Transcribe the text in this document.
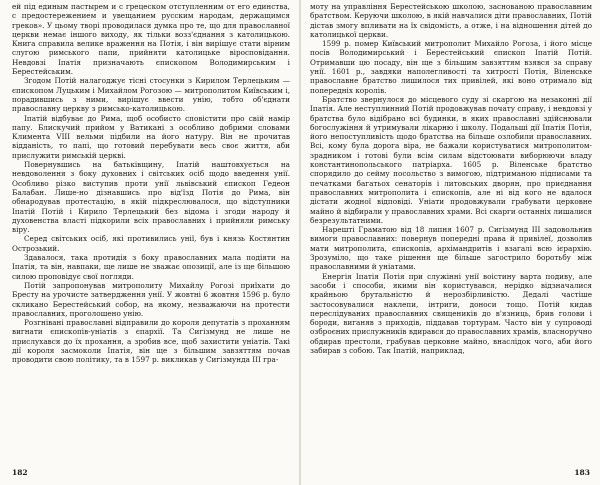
ей під единым пастырем и с грецеском отступленним от его единства, с предостережением и увещанием русским народам, держащимся греков». У цьому творі проводилася думка про те, що для православної церкви немає іншого виходу, як тільки возз'єднання з католицькою. Книга справила велике враження на Потія, і він вирішує стати вірним слугою римського папи, прийняти католицьке віросповідання. Невдовзі Іпатія призначають єпископом Володимирським і Берестейським.

Згодом Потій налагоджує тісні стосунки з Кирилом Терлецьким — єпископом Луцьким і Михайлом Рогозою — митрополитом Київським і, порадившись з ними, вирішує ввести унію, тобто об'єднати православну церкву з римсько-католицькою.

Іпатій відбуває до Рима, щоб особисто сповістити про свій намір папу. Блискучий прийом у Ватикані з особливо добрими словами Климента VIII вельми підбили на його натуру. Він не прочитав відданість, то папі, що готовий перебувати весь своє життя, аби прислужити римській церкві.

Повернувшись на батьківщину, Іпатій наштовхується на невдоволення з боку духовних і світських осіб щодо введення унії. Особливо різко виступив проти унії львівський єпископ Гедеон Балабан. Лише-но дізнавшись про від'їзд Потія до Рима, він обнародував протестацію, в якій підкреслювалося, що відступники Іпатій Потій і Кирило Терлецький без відома і згоди народу й духовенства власті підкорили всіх православних і прийняли римську віру.

Серед світських осіб, які противились унії, був і князь Костянтин Острозький.

Здавалося, така протидія з боку православних мала подіяти на Іпатія, та він, навпаки, ще лише не зважає опозиції, але із ще більшою силою проповідує свої погляди.

Потій запропонував митрополиту Михайлу Рогозі приїхати до Бресту на урочисте затвердження унії. У жовтні 6 жовтня 1596 р. було скликано Берестейський собор, на якому, незважаючи на протести православних, проголошено унію.

Розгнівані православні відправили до короля депутатів з проханням вигнати єпископів-уніатів з єпархії. Та Сигізмунд не лише не прислухався до їх прохання, а зробив все, щоб захистити уніатів. Такі дії короля засмоколи Іпатія, він ще з більшим завзяттям почав проводити свою політику, та в 1597 р. викликав у Сигізмунда III гра-

182

моту на управління Берестейською школою, заснованою православним братством. Керуючи школою, в якій навчалися діти православних, Потій дістав змогу впливати на їх свідомість, а отже, і на відношення дітей до католицької церкви.

1599 р. помер Київський митрополит Михайло Рогоза, і його місце посів Володимирський і Берестейський єпископ Іпатій Потій. Отримавши цю посаду, він ще з більшим завзяттям взявся за справу унії. 1601 р., завдяки наполегливості та хитрості Потія, Віленське православне братство лишилося тих привілей, які воно отримало від попередніх королів.

Братство звернулося до місцевого суду зі скаргою на незаконні дії Іпатія. Але неступлинний Потій продовжував почату справу, і невдовзі у братства було відібрано всі будинки, в яких православні здійснювали богослужіння й утримували лікарню і школу. Подальші дії Іпатія Потія, його непоступливість щодо братства на більше озлобили православних. Всі, кому була дорога віра, не бажали користуватися митрополитом-зрадником і готові були всім силам відстоювати виборюючи владу константинопольського патріарха. 1605 р. Віленське братство спорядило до сейму посольство з вимогою, підтриманою підписами та печатками багатьох сенаторів і литовських дворян, про приєднання православних митрополита і єпископів, але ні від кого не вдалося дістати жодної відповіді. Уніати продовжували грабувати церковне майно й відбирали у православних храми. Всі скарги останніх лишалися безрезультатними.

Нарешті Граматою від 18 липня 1607 р. Сигізмунд III задовольнив вимоги православних: повернув попередні права й привілеї, дозволив мати митрополита, єпископів, архімандритів і взагалі всю ієрархію. Зрозуміло, що таке рішення ще більше загострило боротьбу між православними й уніатами.

Енергія Іпатія Потія при служінні унії воістину варта подиву, але засоби і способи, якими він користувався, нерідко відзначалися крайньою брутальністю й нерозбірливістю. Дедалі частіше застосовувалися наклепи, інтриги, доноси тощо. Потій кидав переслідуваних православних священиків до в'язниць, брив голови і бороди, виганяв з приходів, піддавав тортурам. Часто він у супроводі озброєних прислужників вдирався до православних храмів, власноручно обдирав престоли, грабував церковне майно, внаслідок чого, аби його забирав з собою. Так Іпатій, наприклад,

183
